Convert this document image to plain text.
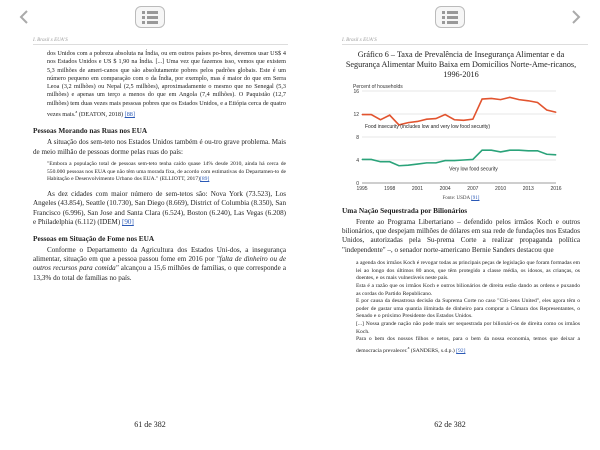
I. Brasil x EUA’S

dos Unidos com a pobreza absoluta na Índia, ou em outros países po-bres, devemos usar US$ 4 nos Estados Unidos e US $ 1,90 na Índia. [...] Uma vez que fazemos isso, vemos que existem 5,3 milhões de ameri-canos que são absolutamente pobres pelos padrões globais. Este é um número pequeno em comparação com o da Índia, por exemplo, mas é maior do que em Serra Leoa (3,2 milhões) ou Nepal (2,5 milhões), aproximadamente o mesmo que no Senegal (5,3 milhões) e apenas um terço a menos do que em Angola (7,4 milhões). O Paquistão (12,7 milhões) tem duas vezes mais pessoas pobres que os Estados Unidos, e a Etiópia cerca de quatro vezes mais.$^a$ (DEATON, 2018) [88]

Pessoas Morando nas Ruas nos EUA

A situação dos sem-teto nos Estados Unidos também é ou-tro grave problema. Mais de meio milhão de pessoas dorme pelas ruas do país:

"Embora a população total de pessoas sem-teto tenha caído quase 14% desde 2010, ainda há cerca de 550.000 pessoas nos EUA que não têm uma morada fixa, de acordo com estimativas do Departamen-to de Habitação e Desenvolvimento Urbano dos EUA." (ELLIOTT, 2017)[89]

As dez cidades com maior número de sem-tetos são: Nova York (73.523), Los Angeles (43.854), Seattle (10.730), San Diego (8.669), District of Columbia (8.350), San Francisco (6.996), San Jose and Santa Clara (6.524), Boston (6.240), Las Vegas (6.208) e Philadelphia (6.112) (IDEM) [90]

Pessoas em Situação de Fome nos EUA

Conforme o Departamento da Agricultura dos Estados Uni-dos, a insegurança alimentar, situação em que a pessoa passou fome em 2016 por "falta de dinheiro ou de outros recursos para comida" alcançou a 15,6 milhões de famílias, o que corresponde a 13,3% do total de famílias no país.

61 de 382
I. Brasil x EUA’S

Gráfico 6 – Taxa de Prevalência de Insegurança Alimentar e da Segurança Alimentar Muito Baixa em Domicílios Norte-Ame-ricanos, 1996-2016

Percent of households
0
4
8
12
16
1995	1998	2001	2004	2007	2010	2013	2016
Food insecurity (includes low and very low food security)
Very low food security

Fonte: USDA [91]

Uma Nação Sequestrada por Bilionários

Frente ao Programa Libertariano – defendido pelos irmãos Koch e outros bilionários, que despejam milhões de dólares em sua rede de fundações nos Estados Unidos, autorizadas pela Su-prema Corte a realizar propaganda política "independente" –, o senador norte-americano Bernie Sanders destacou que

a agenda dos irmãos Koch é revogar todas as principais peças de legislação que foram formadas em lei ao longo dos últimos 80 anos, que têm protegido a classe média, os idosos, as crianças, os doentes, e os mais vulneráveis neste país.

Esta é a razão que os irmãos Koch e outros bilionários de direita estão dando as ordens e puxando as cordas do Partido Republicano.

E por causa da desastrosa decisão da Suprema Corte no caso "Citi-zens United", eles agora têm o poder de gastar uma quantia ilimitada de dinheiro para comprar a Câmara dos Representantes, o Senado e o próximo Presidente dos Estados Unidos.

[...] Nossa grande nação não pode mais ser sequestrada por bilionári-os de direita como os irmãos Koch.

Para o bem dos nossos filhos e netos, para o bem da nossa economia, temos que deixar a democracia prevalecer.$^a$ (SANDERS, s.d.p.) [92]

62 de 382
